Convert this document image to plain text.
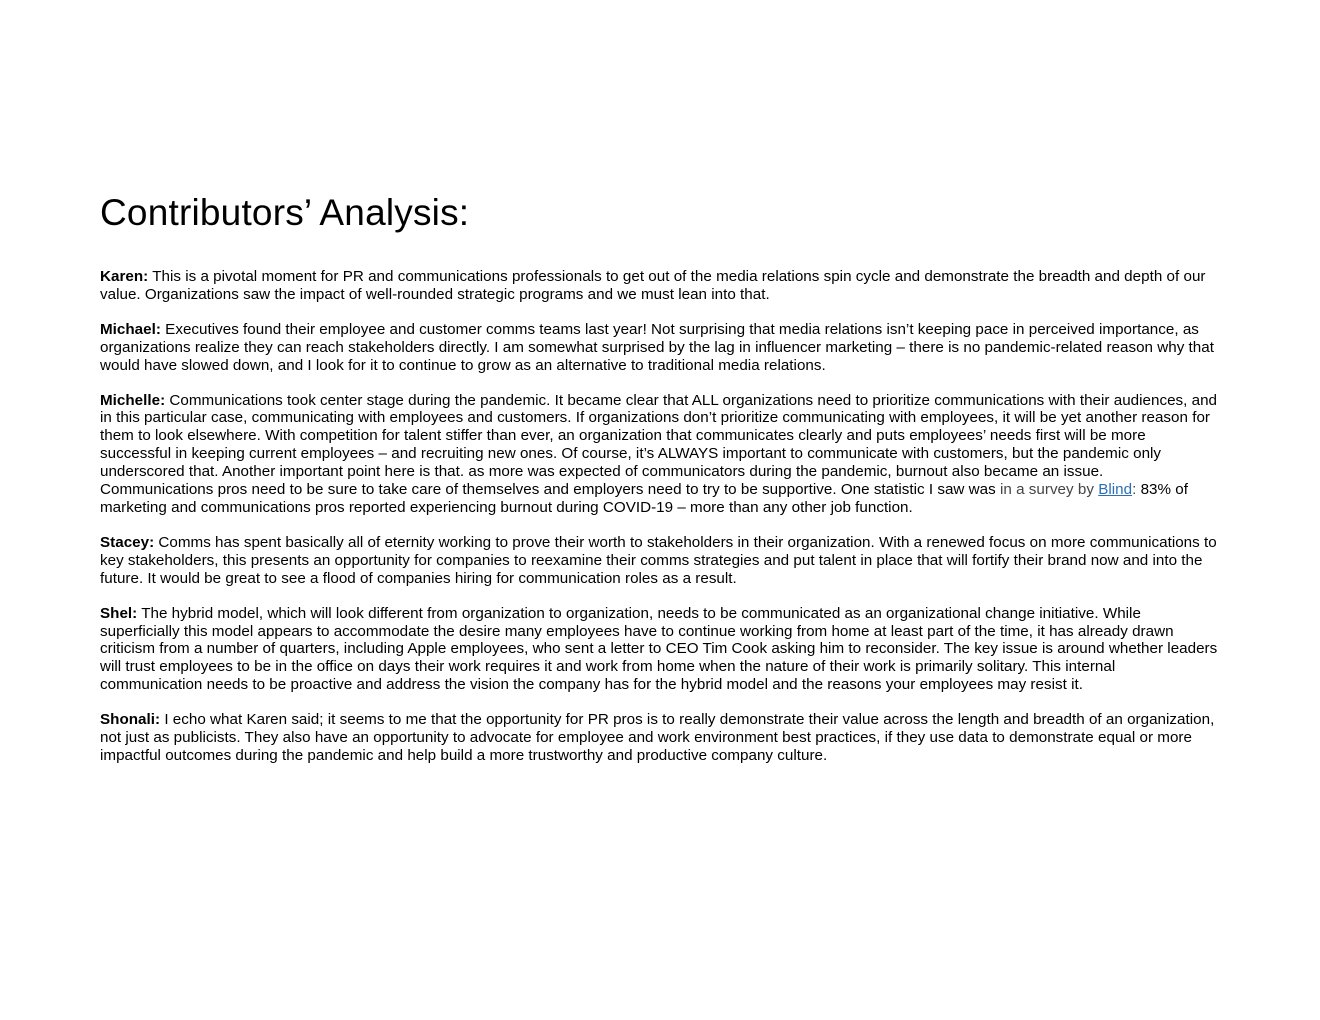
Contributors’ Analysis:

Karen: This is a pivotal moment for PR and communications professionals to get out of the media relations spin cycle and demonstrate the breadth and depth of our value. Organizations saw the impact of well-rounded strategic programs and we must lean into that.

Michael: Executives found their employee and customer comms teams last year! Not surprising that media relations isn’t keeping pace in perceived importance, as organizations realize they can reach stakeholders directly. I am somewhat surprised by the lag in influencer marketing – there is no pandemic-related reason why that would have slowed down, and I look for it to continue to grow as an alternative to traditional media relations.

Michelle: Communications took center stage during the pandemic. It became clear that ALL organizations need to prioritize communications with their audiences, and in this particular case, communicating with employees and customers. If organizations don’t prioritize communicating with employees, it will be yet another reason for them to look elsewhere. With competition for talent stiffer than ever, an organization that communicates clearly and puts employees’ needs first will be more successful in keeping current employees – and recruiting new ones. Of course, it’s ALWAYS important to communicate with customers, but the pandemic only underscored that. Another important point here is that. as more was expected of communicators during the pandemic, burnout also became an issue. Communications pros need to be sure to take care of themselves and employers need to try to be supportive. One statistic I saw was in a survey by Blind: 83% of marketing and communications pros reported experiencing burnout during COVID-19 – more than any other job function.

Stacey: Comms has spent basically all of eternity working to prove their worth to stakeholders in their organization. With a renewed focus on more communications to key stakeholders, this presents an opportunity for companies to reexamine their comms strategies and put talent in place that will fortify their brand now and into the future. It would be great to see a flood of companies hiring for communication roles as a result.

Shel: The hybrid model, which will look different from organization to organization, needs to be communicated as an organizational change initiative. While superficially this model appears to accommodate the desire many employees have to continue working from home at least part of the time, it has already drawn criticism from a number of quarters, including Apple employees, who sent a letter to CEO Tim Cook asking him to reconsider. The key issue is around whether leaders will trust employees to be in the office on days their work requires it and work from home when the nature of their work is primarily solitary. This internal communication needs to be proactive and address the vision the company has for the hybrid model and the reasons your employees may resist it.

Shonali: I echo what Karen said; it seems to me that the opportunity for PR pros is to really demonstrate their value across the length and breadth of an organization, not just as publicists. They also have an opportunity to advocate for employee and work environment best practices, if they use data to demonstrate equal or more impactful outcomes during the pandemic and help build a more trustworthy and productive company culture.
